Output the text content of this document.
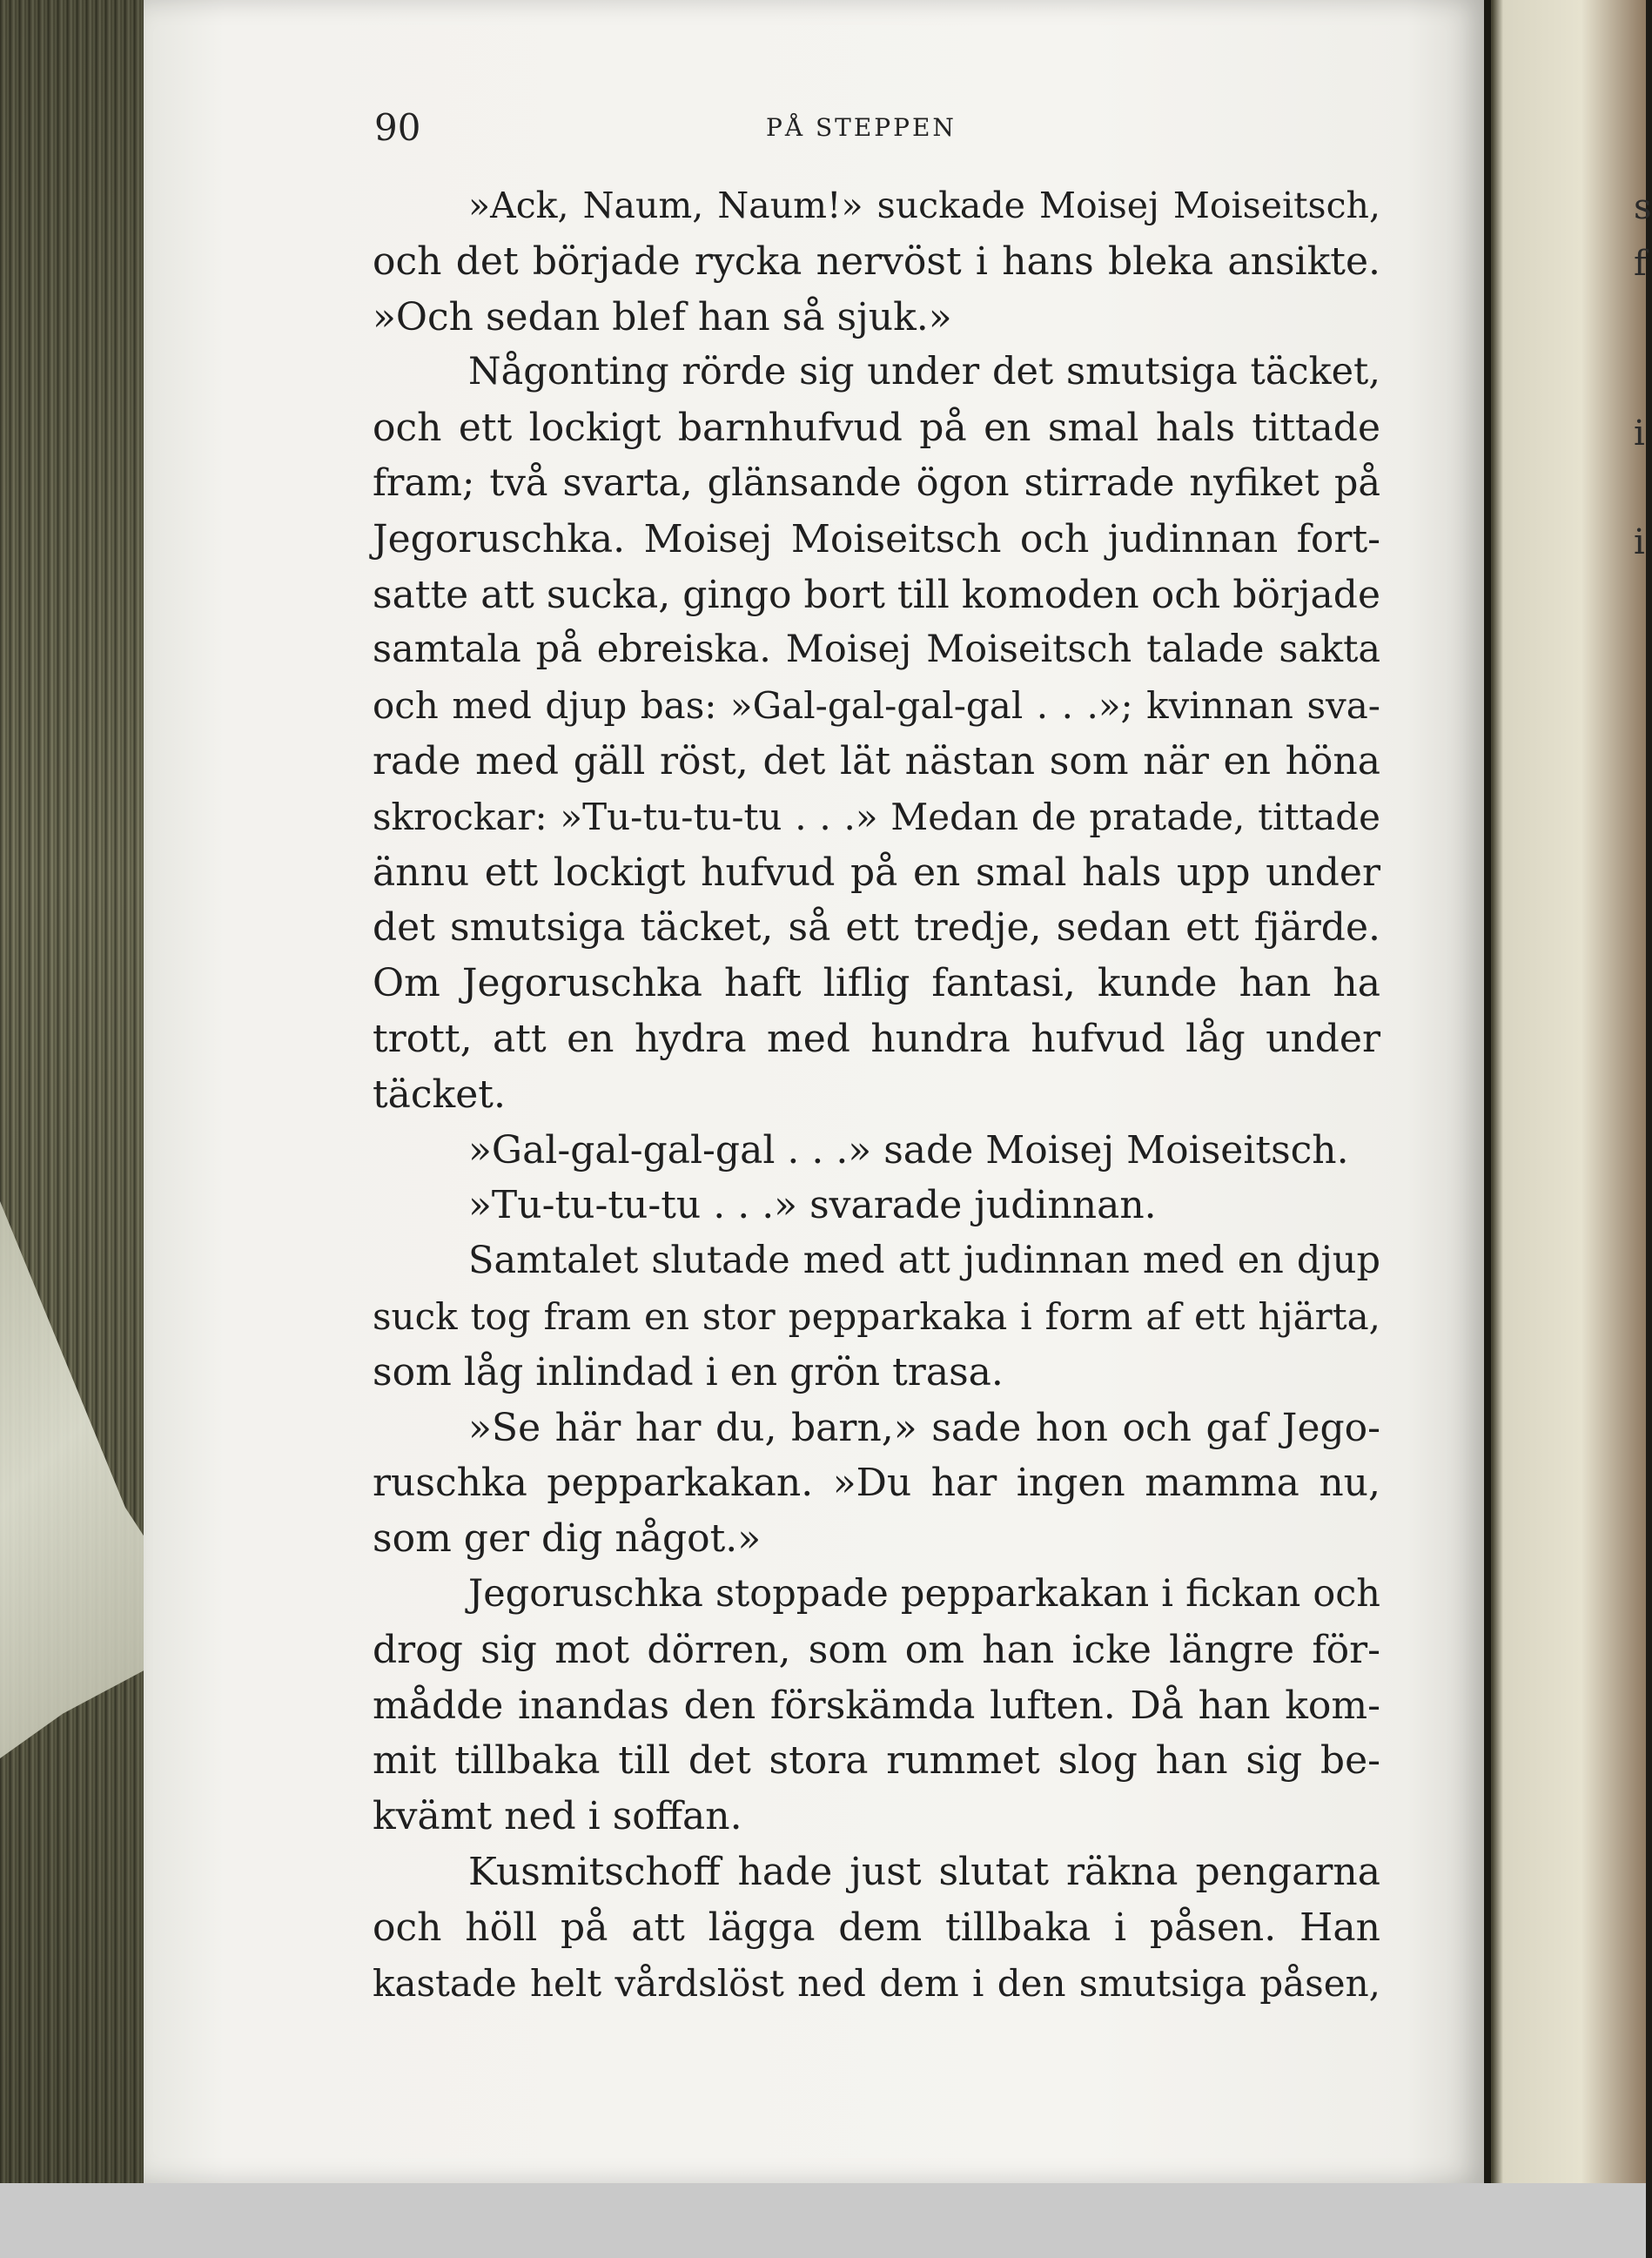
s
f
i
i
90	PÅ STEPPEN
»Ack, Naum, Naum!» suckade Moisej Moiseitsch,
och det började rycka nervöst i hans bleka ansikte.
»Och sedan blef han så sjuk.»
Någonting rörde sig under det smutsiga täcket,
och ett lockigt barnhufvud på en smal hals tittade
fram; två svarta, glänsande ögon stirrade nyfiket på
Jegoruschka. Moisej Moiseitsch och judinnan fort-
satte att sucka, gingo bort till komoden och började
samtala på ebreiska. Moisej Moiseitsch talade sakta
och med djup bas: »Gal-gal-gal-gal . . .»; kvinnan sva-
rade med gäll röst, det lät nästan som när en höna
skrockar: »Tu-tu-tu-tu . . .» Medan de pratade, tittade
ännu ett lockigt hufvud på en smal hals upp under
det smutsiga täcket, så ett tredje, sedan ett fjärde.
Om Jegoruschka haft liflig fantasi, kunde han ha
trott, att en hydra med hundra hufvud låg under
täcket.
»Gal-gal-gal-gal . . .» sade Moisej Moiseitsch.
»Tu-tu-tu-tu . . .» svarade judinnan.
Samtalet slutade med att judinnan med en djup
suck tog fram en stor pepparkaka i form af ett hjärta,
som låg inlindad i en grön trasa.
»Se här har du, barn,» sade hon och gaf Jego-
ruschka pepparkakan. »Du har ingen mamma nu,
som ger dig något.»
Jegoruschka stoppade pepparkakan i fickan och
drog sig mot dörren, som om han icke längre för-
mådde inandas den förskämda luften. Då han kom-
mit tillbaka till det stora rummet slog han sig be-
kvämt ned i soffan.
Kusmitschoff hade just slutat räkna pengarna
och höll på att lägga dem tillbaka i påsen. Han
kastade helt vårdslöst ned dem i den smutsiga påsen,
